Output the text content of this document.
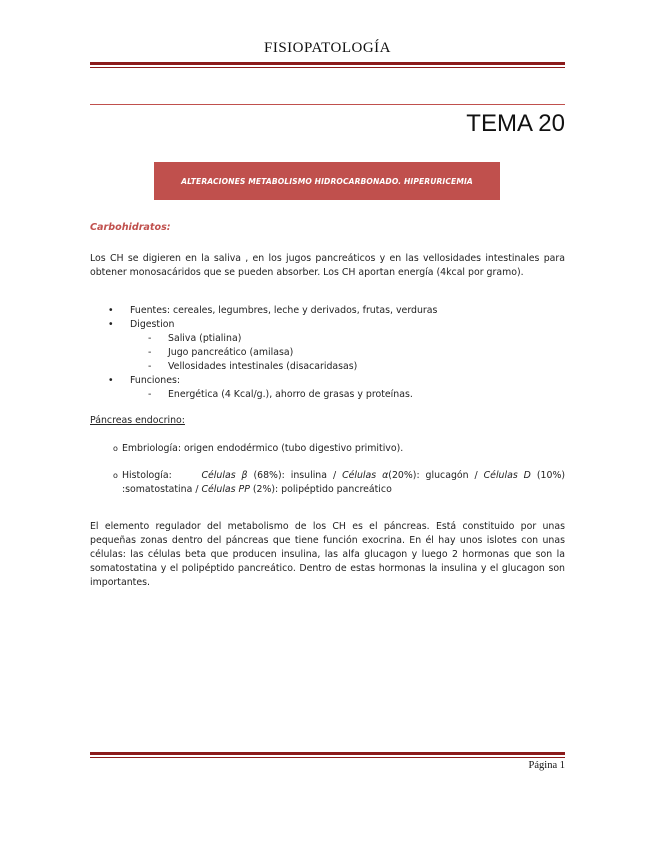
FISIOPATOLOGÍA
TEMA 20
ALTERACIONES METABOLISMO HIDROCARBONADO. HIPERURICEMIA
Carbohidratos:
Los CH se digieren en la saliva , en los jugos pancreáticos y en las vellosidades intestinales para obtener monosacáridos que se pueden absorber. Los CH aportan energía (4kcal por gramo).
• Fuentes: cereales, legumbres, leche y derivados, frutas, verduras
• Digestion
- Saliva (ptialina)
- Jugo pancreático (amilasa)
- Vellosidades intestinales (disacaridasas)
• Funciones:
- Energética (4 Kcal/g.), ahorro de grasas y proteínas.
Páncreas endocrino:
o Embriología: origen endodérmico (tubo digestivo primitivo).
o Histología:	Células β (68%): insulina / Células α(20%): glucagón / Células D (10%) :somatostatina / Células PP (2%): polipéptido pancreático
El elemento regulador del metabolismo de los CH es el páncreas. Está constituido por unas pequeñas zonas dentro del páncreas que tiene función exocrina. En él hay unos islotes con unas células: las células beta que producen insulina, las alfa glucagon y luego 2 hormonas que son la somatostatina y el polipéptido pancreático. Dentro de estas hormonas la insulina y el glucagon son importantes.
Página 1
